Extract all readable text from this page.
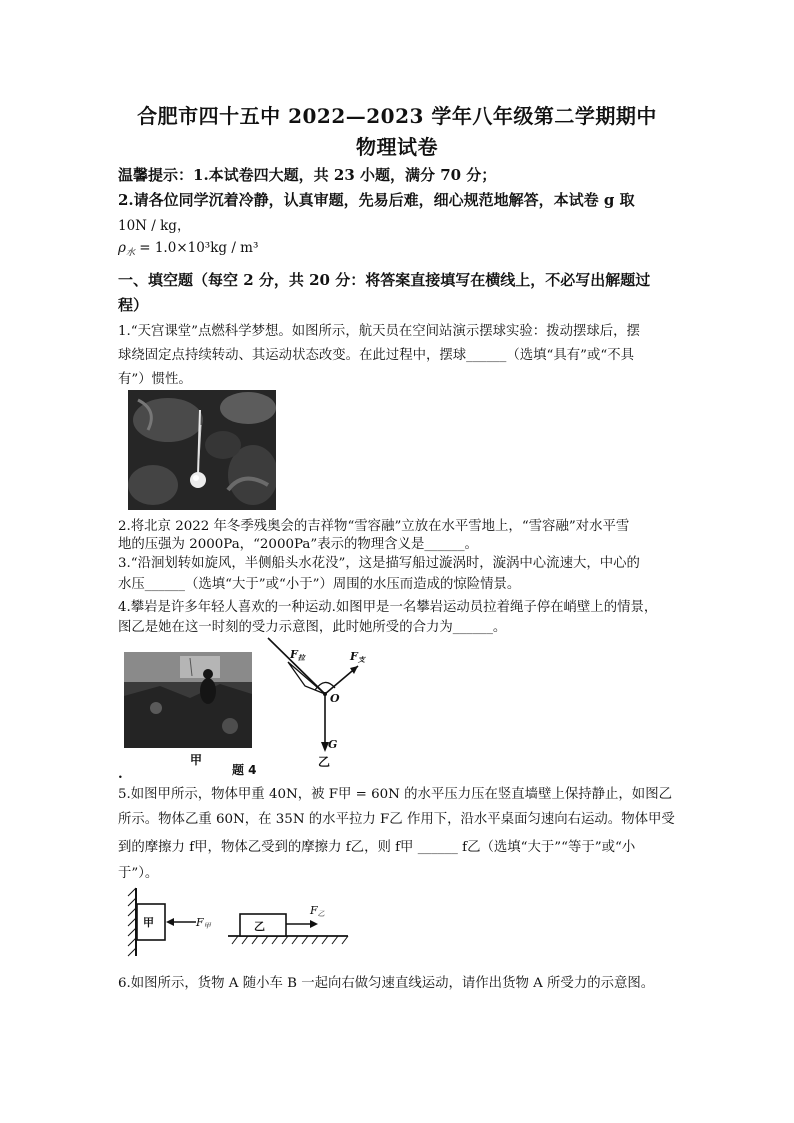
合肥市四十五中 2022—2023 学年八年级第二学期期中
物理试卷
温馨提示：1.本试卷四大题，共 23 小题，满分 70 分；
2.请各位同学沉着冷静，认真审题，先易后难，细心规范地解答，本试卷 g 取
10N / kg，
$\rho_水 = 1.0\times 10^3kg / m^3$
一、填空题（每空 2 分，共 20 分：将答案直接填写在横线上，不必写出解题过
程）
1.“天宫课堂”点燃科学梦想。如图所示，航天员在空间站演示摆球实验：拨动摆球后，摆
球绕固定点持续转动、其运动状态改变。在此过程中，摆球______（选填“具有”或“不具
有”）惯性。
2.将北京 2022 年冬季残奥会的吉祥物“雪容融”立放在水平雪地上，“雪容融”对水平雪
地的压强为 2000Pa，“2000Pa”表示的物理含义是______。
3.“沿洄划转如旋风，半侧船头水花没”，这是描写船过漩涡时，漩涡中心流速大，中心的
水压______（选填“大于”或“小于”）周围的水压而造成的惊险情景。
4.攀岩是许多年轻人喜欢的一种运动.如图甲是一名攀岩运动员拉着绳子停在峭壁上的情景，
图乙是她在这一时刻的受力示意图，此时她所受的合力为______。
F拉	F支
O
G
甲
题 4
乙
.
5.如图甲所示，物体甲重 40N，被 F甲 = 60N 的水平压力压在竖直墙壁上保持静止，如图乙
所示。物体乙重 60N，在 35N 的水平拉力 F乙 作用下，沿水平桌面匀速向右运动。物体甲受
到的摩擦力 f甲，物体乙受到的摩擦力 f乙，则 f甲 ______ f乙（选填“大于”“等于”或“小
于”）。
甲	F甲	乙
F乙
6.如图所示，货物 A 随小车 B 一起向右做匀速直线运动，请作出货物 A 所受力的示意图。
